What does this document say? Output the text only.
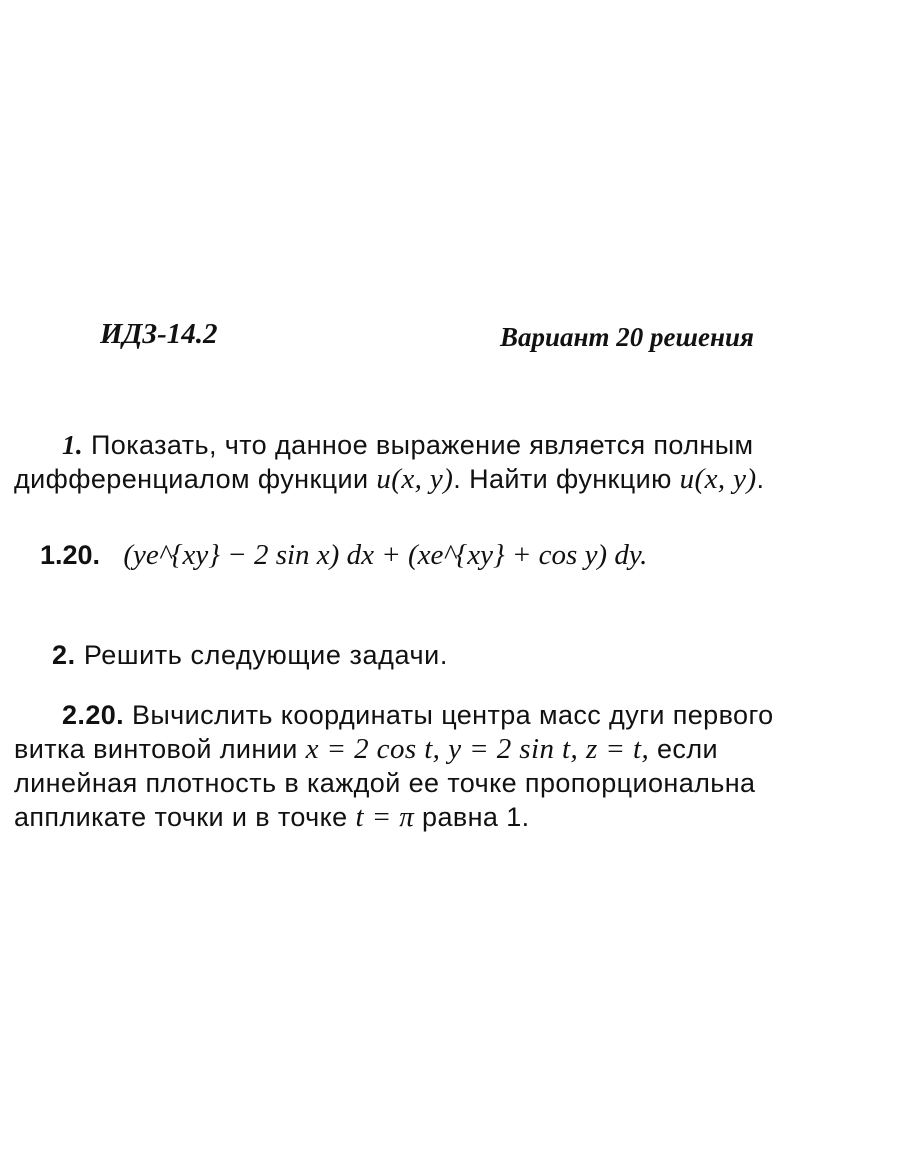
ИДЗ-14.2	Вариант 20 решения
1. Показать, что данное выражение является полным
дифференциалом функции u(x, y). Найти функцию u(x, y).
1.20. (ye^{xy} − 2 sin x) dx + (xe^{xy} + cos y) dy.
2. Решить следующие задачи.
2.20. Вычислить координаты центра масс дуги первого
витка винтовой линии x = 2 cos t, y = 2 sin t, z = t, если
линейная плотность в каждой ее точке пропорциональна
аппликате точки и в точке t = π равна 1.
